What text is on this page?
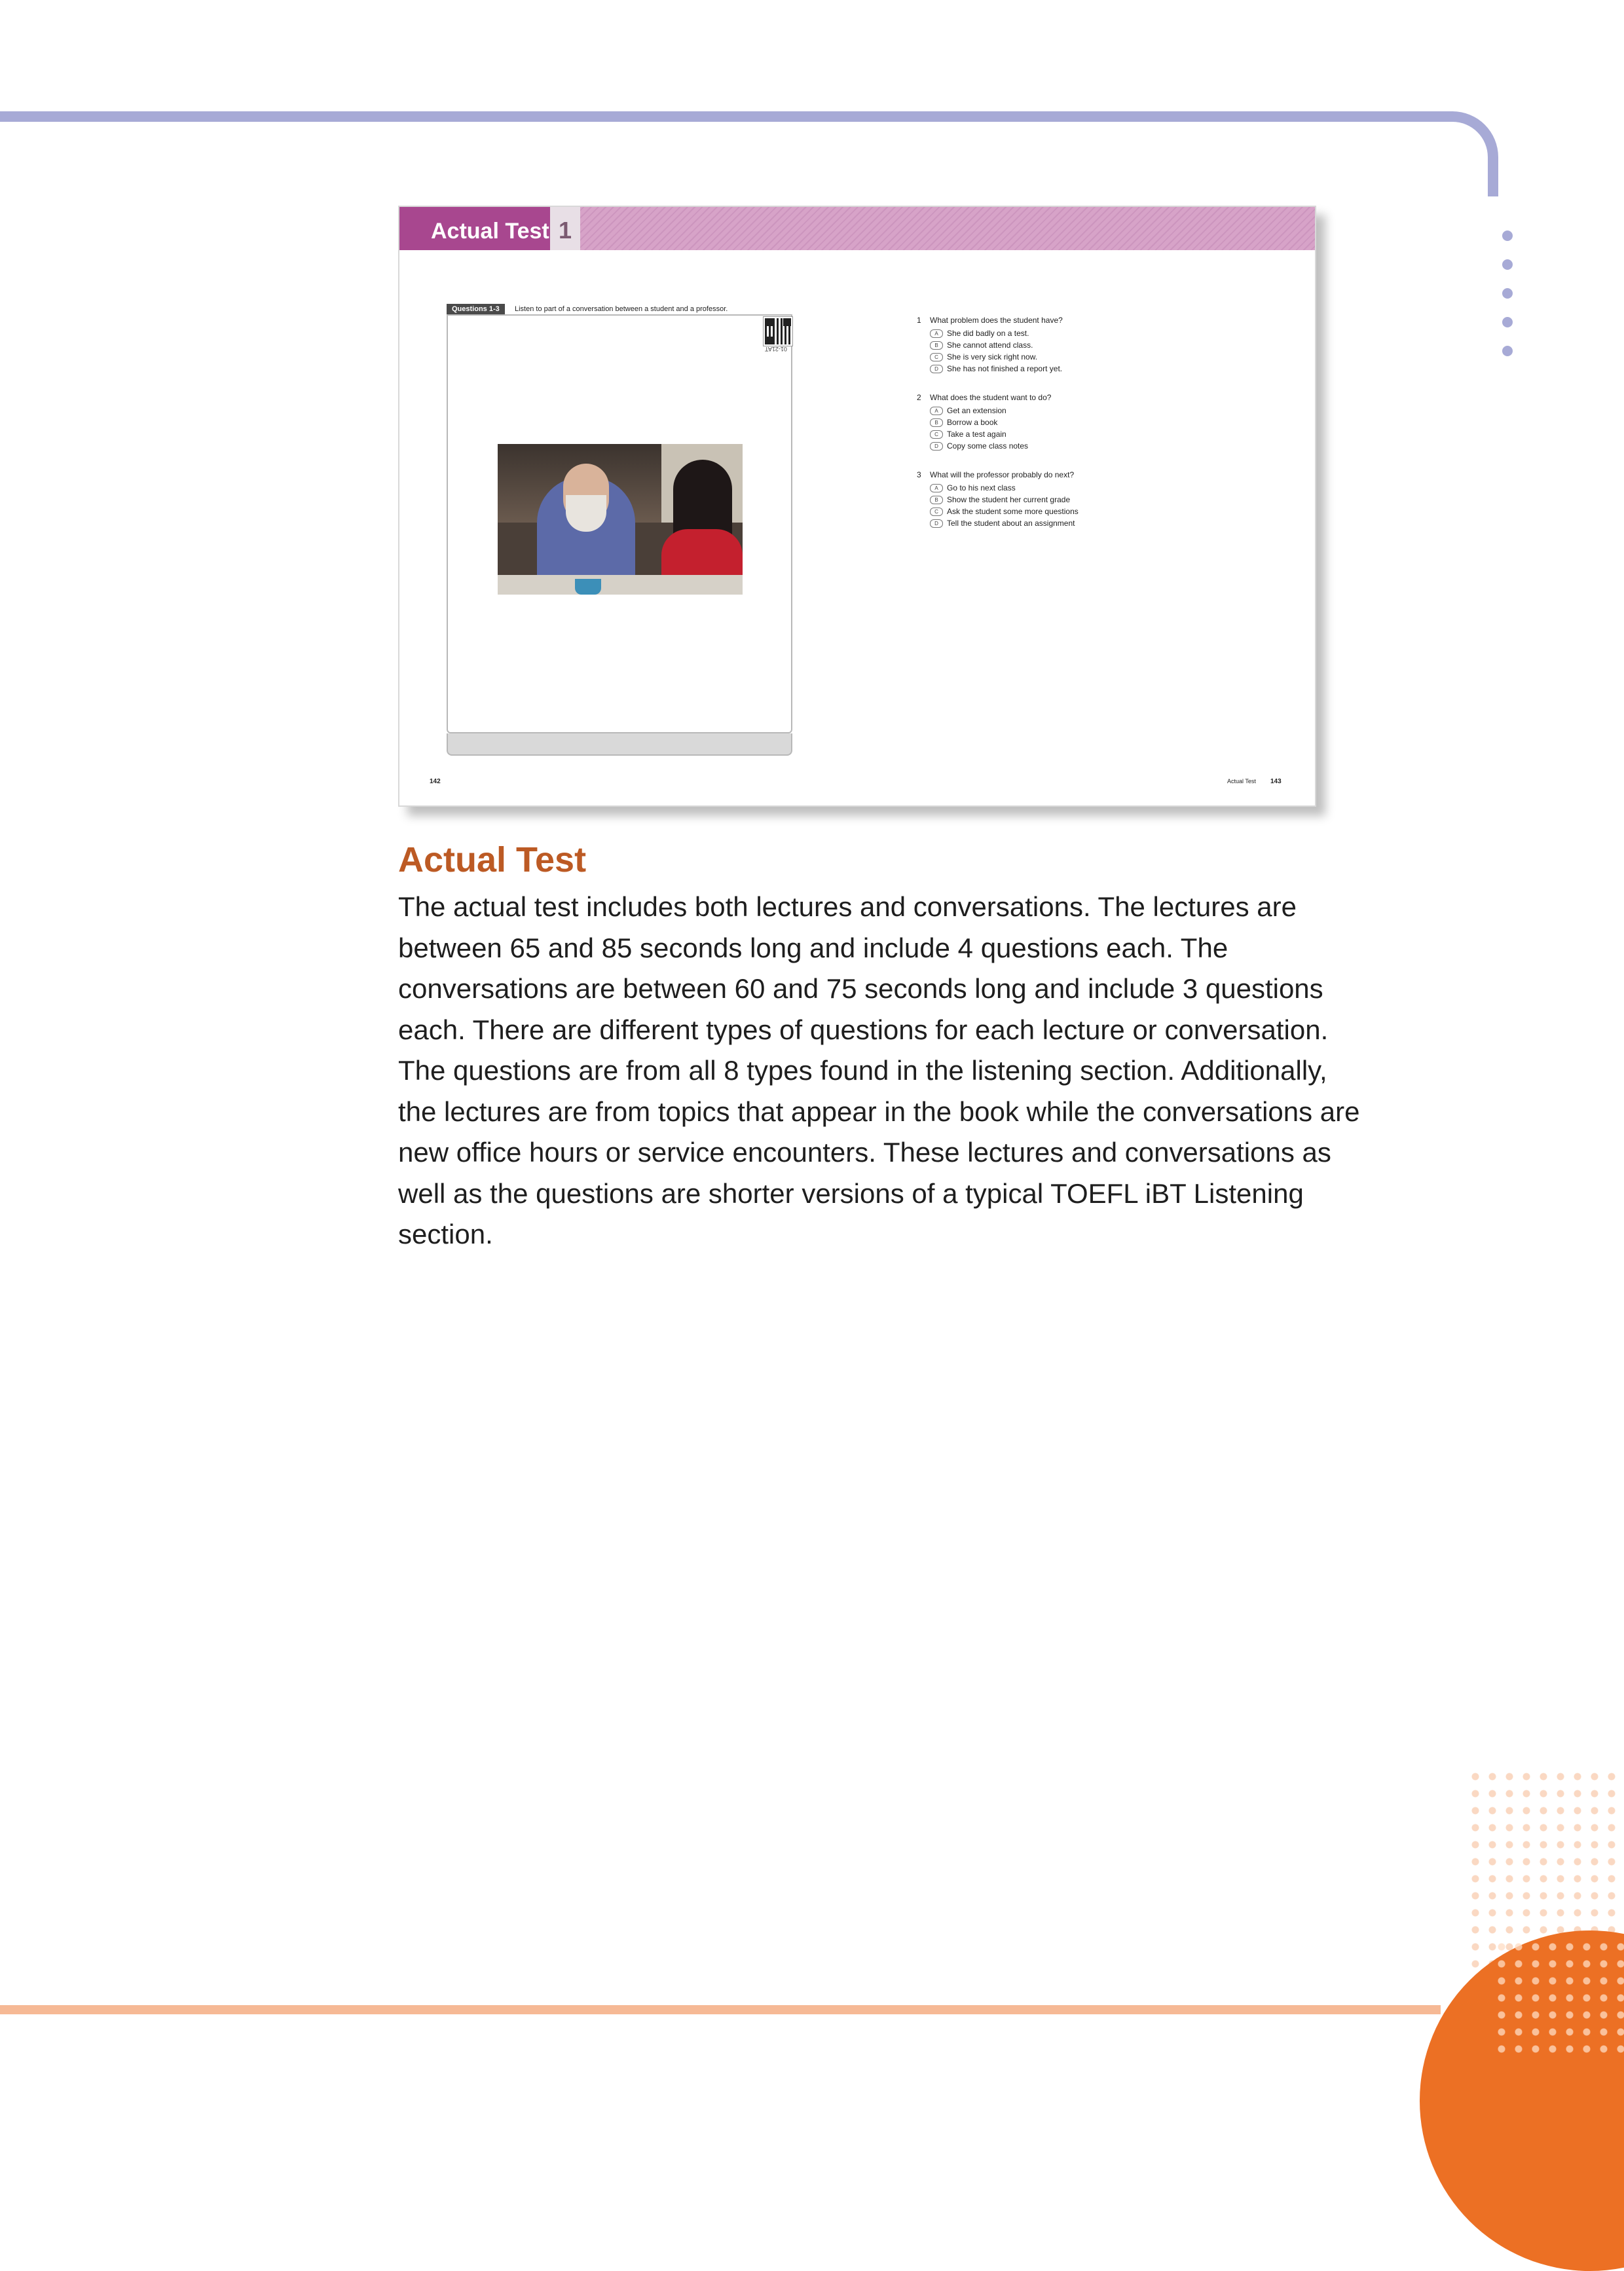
Actual Test 1
Questions 1-3	Listen to part of a conversation between a student and a professor.
01-21AT
1 What problem does the student have?
A	She did badly on a test.
B	She cannot attend class.
C	She is very sick right now.
D	She has not finished a report yet.
2 What does the student want to do?
A	Get an extension
B	Borrow a book
C	Take a test again
D	Copy some class notes
3 What will the professor probably do next?
A	Go to his next class
B	Show the student her current grade
C	Ask the student some more questions
D	Tell the student about an assignment
142	Actual Test 143
Actual Test

The actual test includes both lectures and conversations. The lectures are between 65 and 85 seconds long and include 4 questions each. The conversations are between 60 and 75 seconds long and include 3 questions each. There are different types of questions for each lecture or conversation. The questions are from all 8 types found in the listening section. Additionally, the lectures are from topics that appear in the book while the conversations are new office hours or service encounters. These lectures and conversations as well as the questions are shorter versions of a typical TOEFL iBT Listening section.
